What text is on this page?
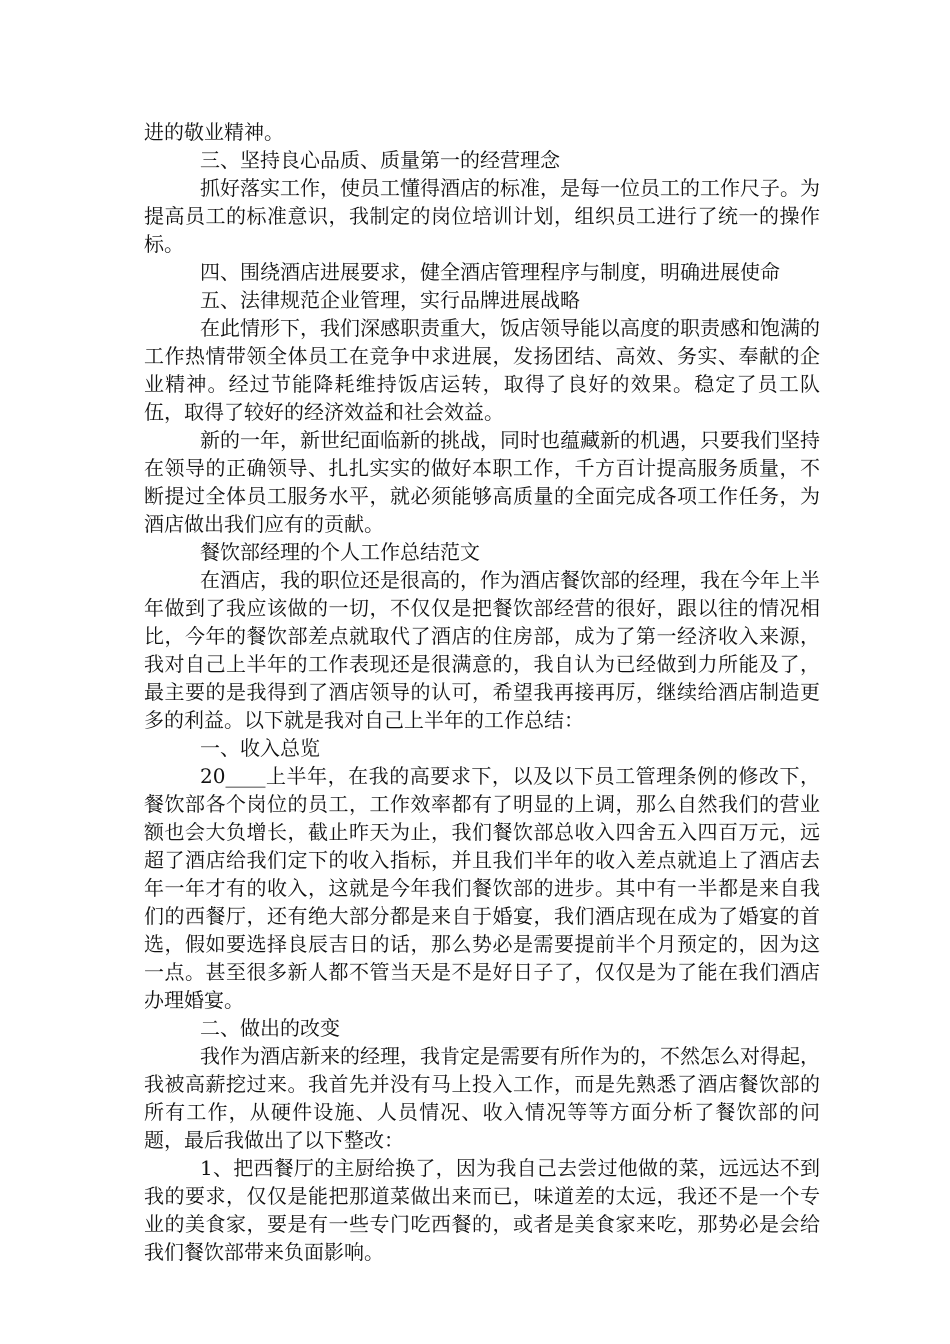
进的敬业精神。

三、坚持良心品质、质量第一的经营理念

抓好落实工作，使员工懂得酒店的标准，是每一位员工的工作尺子。为提高员工的标准意识，我制定的岗位培训计划，组织员工进行了统一的操作标。

四、围绕酒店进展要求，健全酒店管理程序与制度，明确进展使命

五、法律规范企业管理，实行品牌进展战略

在此情形下，我们深感职责重大，饭店领导能以高度的职责感和饱满的工作热情带领全体员工在竞争中求进展，发扬团结、高效、务实、奉献的企业精神。经过节能降耗维持饭店运转，取得了良好的效果。稳定了员工队伍，取得了较好的经济效益和社会效益。

新的一年，新世纪面临新的挑战，同时也蕴藏新的机遇，只要我们坚持在领导的正确领导、扎扎实实的做好本职工作，千方百计提高服务质量，不断提过全体员工服务水平，就必须能够高质量的全面完成各项工作任务，为酒店做出我们应有的贡献。

餐饮部经理的个人工作总结范文

在酒店，我的职位还是很高的，作为酒店餐饮部的经理，我在今年上半年做到了我应该做的一切，不仅仅是把餐饮部经营的很好，跟以往的情况相比，今年的餐饮部差点就取代了酒店的住房部，成为了第一经济收入来源，我对自己上半年的工作表现还是很满意的，我自认为已经做到力所能及了，最主要的是我得到了酒店领导的认可，希望我再接再厉，继续给酒店制造更多的利益。以下就是我对自己上半年的工作总结：

一、收入总览

20____上半年，在我的高要求下，以及以下员工管理条例的修改下，餐饮部各个岗位的员工，工作效率都有了明显的上调，那么自然我们的营业额也会大负增长，截止昨天为止，我们餐饮部总收入四舍五入四百万元，远超了酒店给我们定下的收入指标，并且我们半年的收入差点就追上了酒店去年一年才有的收入，这就是今年我们餐饮部的进步。其中有一半都是来自我们的西餐厅，还有绝大部分都是来自于婚宴，我们酒店现在成为了婚宴的首选，假如要选择良辰吉日的话，那么势必是需要提前半个月预定的，因为这一点。甚至很多新人都不管当天是不是好日子了，仅仅是为了能在我们酒店办理婚宴。

二、做出的改变

我作为酒店新来的经理，我肯定是需要有所作为的，不然怎么对得起，我被高薪挖过来。我首先并没有马上投入工作，而是先熟悉了酒店餐饮部的所有工作，从硬件设施、人员情况、收入情况等等方面分析了餐饮部的问题，最后我做出了以下整改：

1、把西餐厅的主厨给换了，因为我自己去尝过他做的菜，远远达不到我的要求，仅仅是能把那道菜做出来而已，味道差的太远，我还不是一个专业的美食家，要是有一些专门吃西餐的，或者是美食家来吃，那势必是会给我们餐饮部带来负面影响。
